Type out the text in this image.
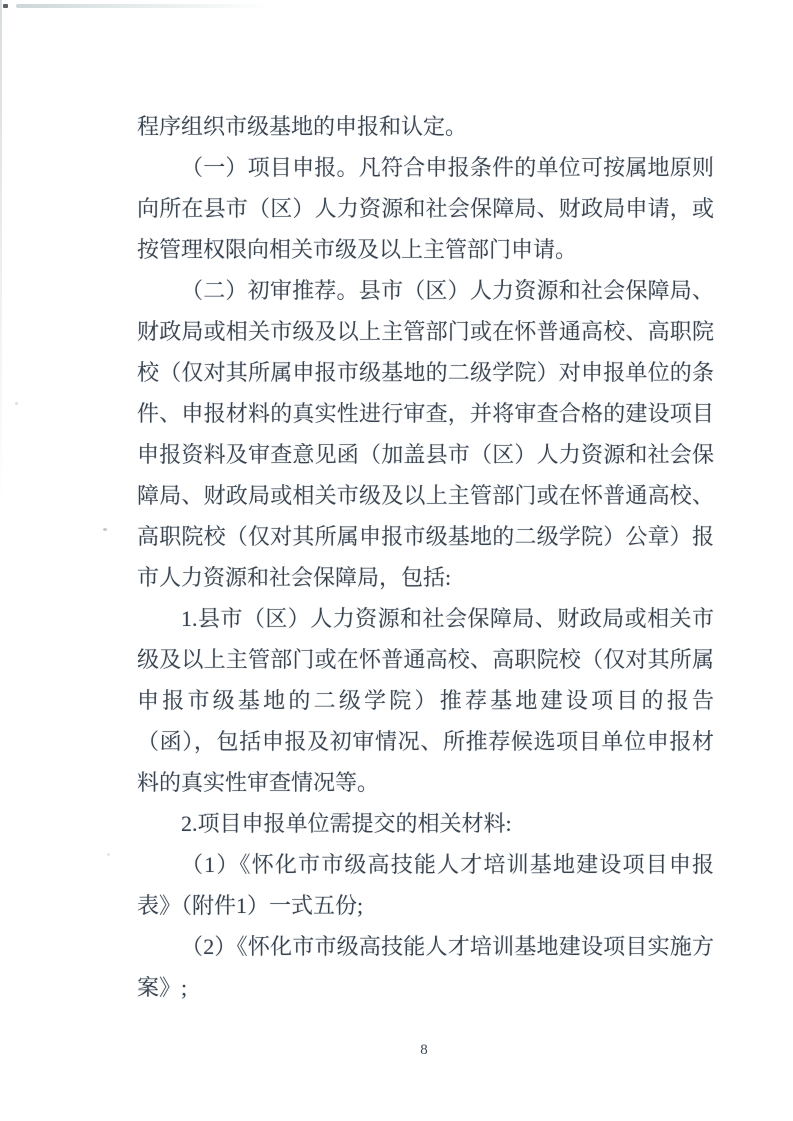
程序组织市级基地的申报和认定。

（一）项目申报。凡符合申报条件的单位可按属地原则向所在县市（区）人力资源和社会保障局、财政局申请，或按管理权限向相关市级及以上主管部门申请。

（二）初审推荐。县市（区）人力资源和社会保障局、财政局或相关市级及以上主管部门或在怀普通高校、高职院校（仅对其所属申报市级基地的二级学院）对申报单位的条件、申报材料的真实性进行审查，并将审查合格的建设项目申报资料及审查意见函（加盖县市（区）人力资源和社会保障局、财政局或相关市级及以上主管部门或在怀普通高校、高职院校（仅对其所属申报市级基地的二级学院）公章）报市人力资源和社会保障局，包括:

1.县市（区）人力资源和社会保障局、财政局或相关市级及以上主管部门或在怀普通高校、高职院校（仅对其所属申报市级基地的二级学院）推荐基地建设项目的报告（函），包括申报及初审情况、所推荐候选项目单位申报材料的真实性审查情况等。

2.项目申报单位需提交的相关材料:

（1）《怀化市市级高技能人才培训基地建设项目申报表》（附件1）一式五份;

（2）《怀化市市级高技能人才培训基地建设项目实施方案》;

8
